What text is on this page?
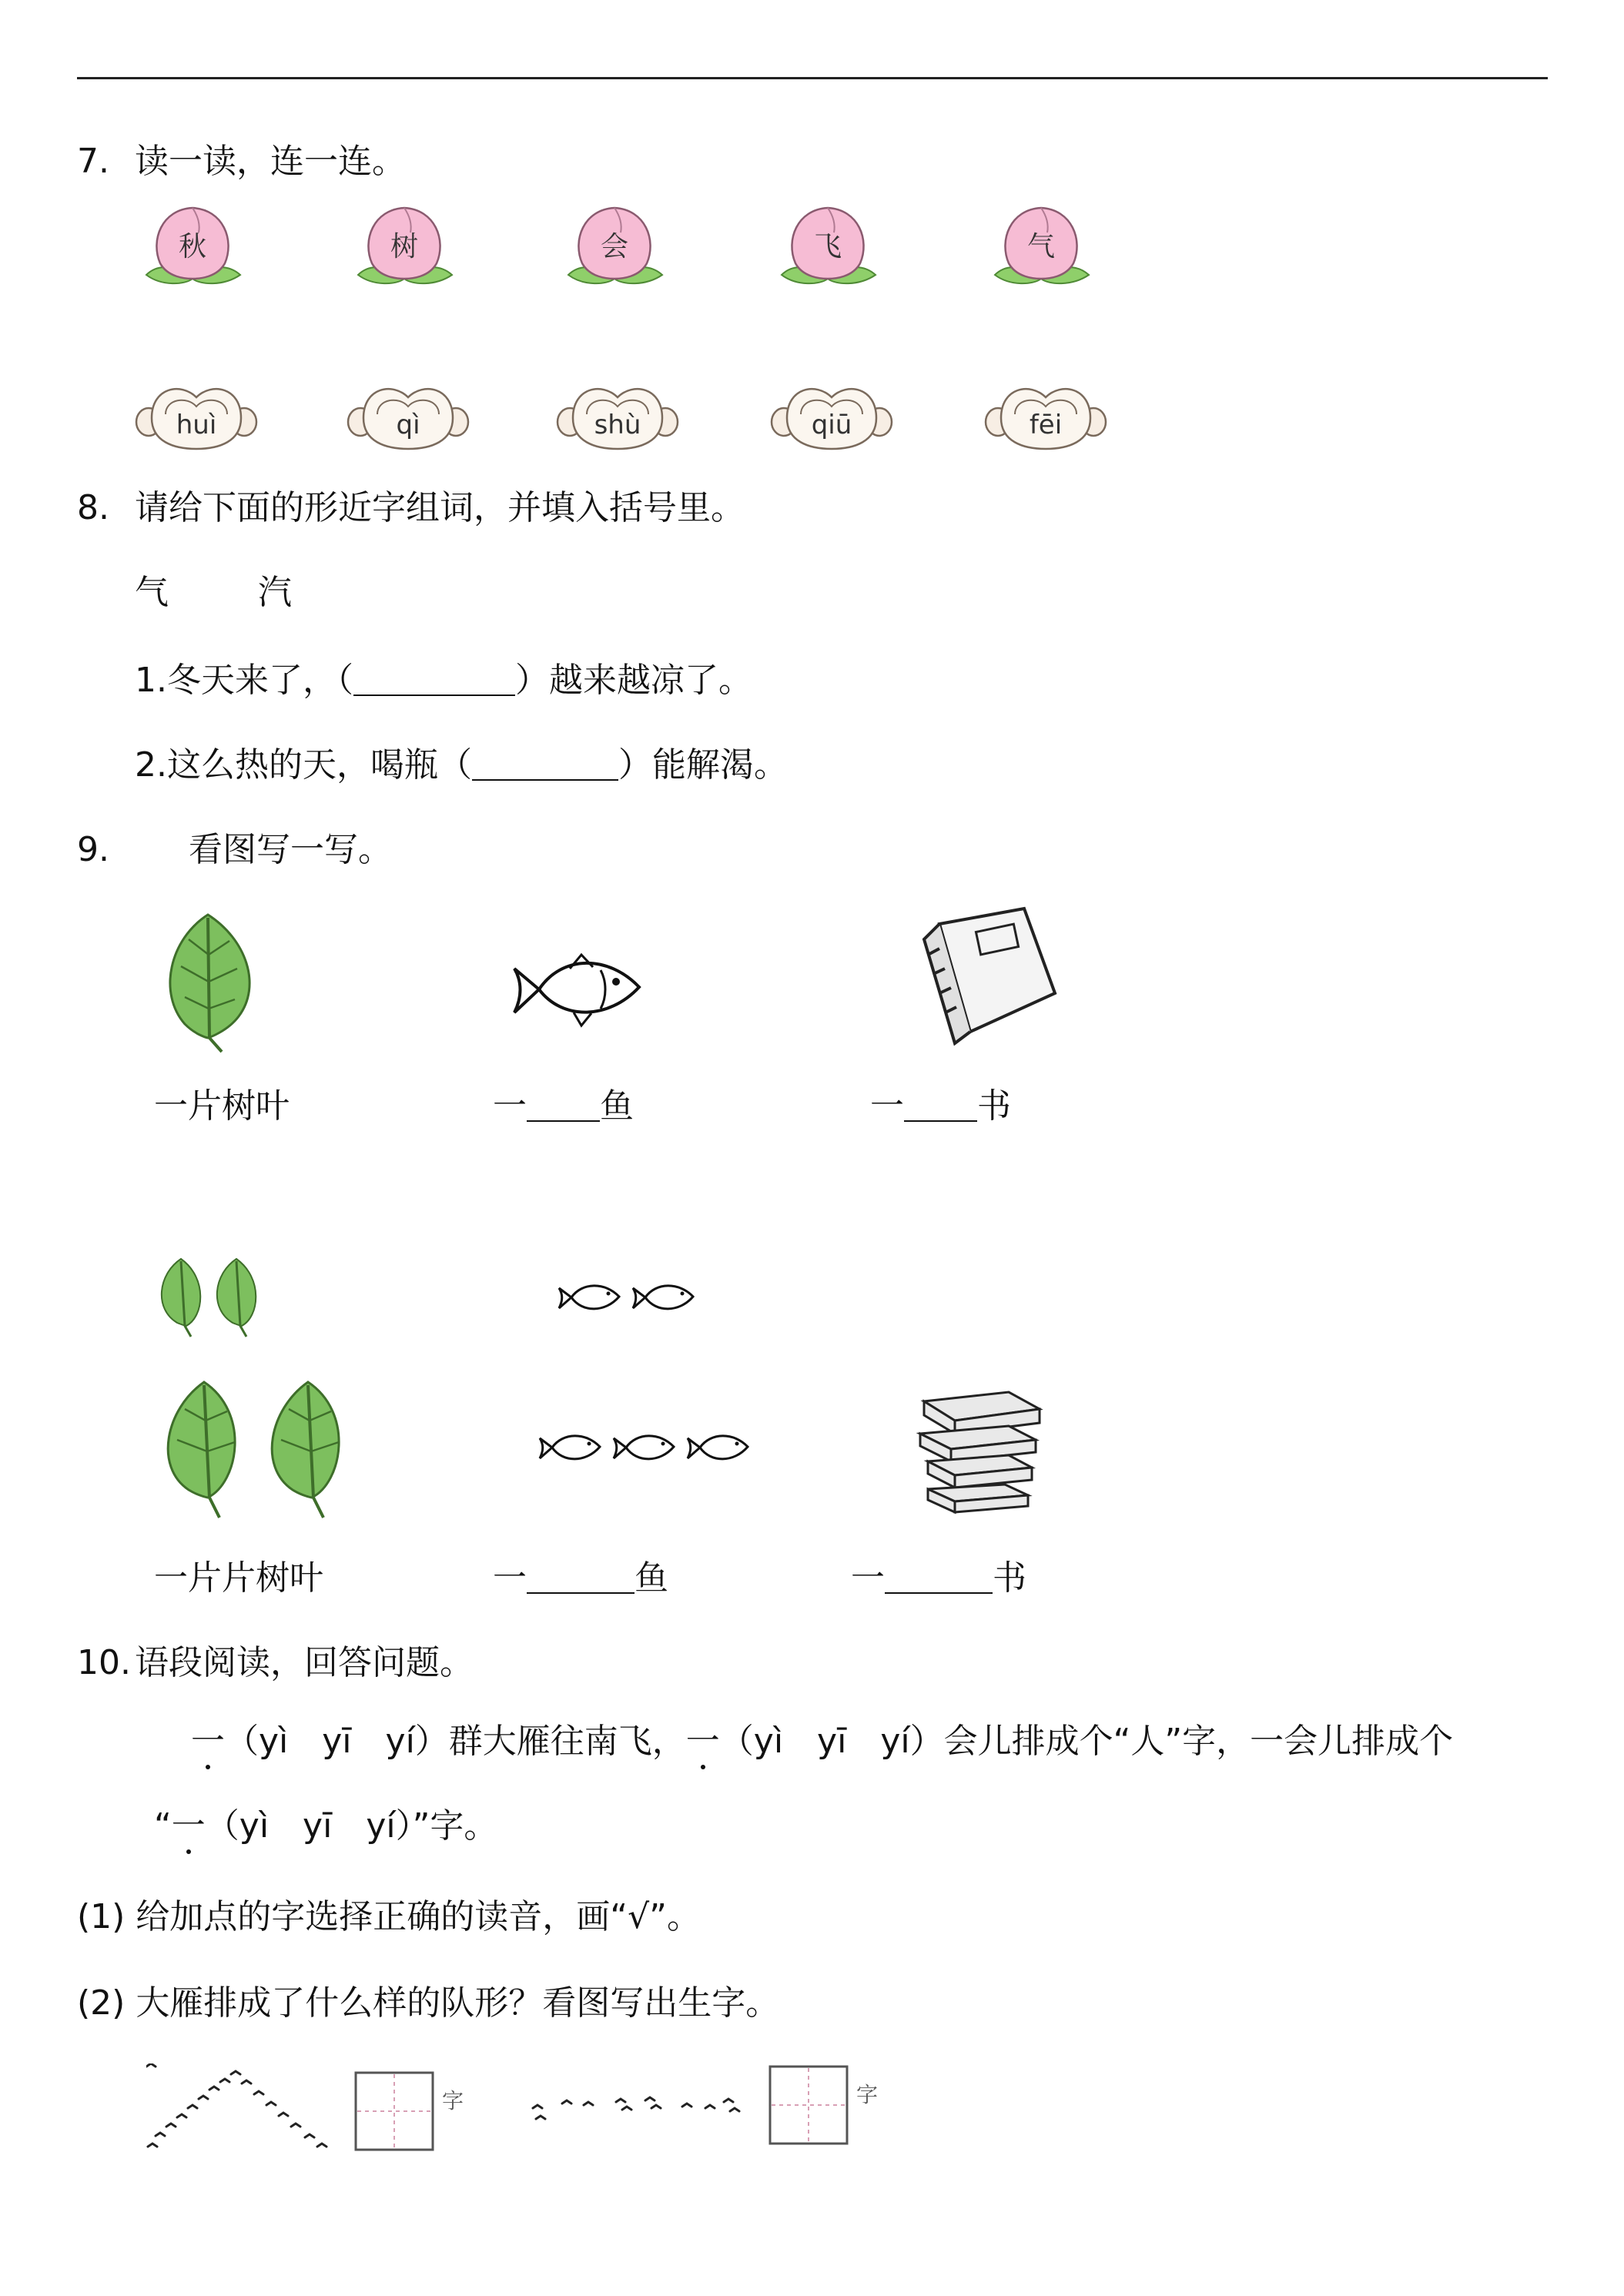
7. 读一读，连一连。
秋	树	会	飞	气
huì	qì	shù	qiū	fēi
8. 请给下面的形近字组词，并填入括号里。
气	汽
1.冬天来了，（	）越来越凉了。
2.这么热的天，喝瓶（	）能解渴。
9. 看图写一写。
一片树叶	一 鱼	一 书
一片片树叶	一	鱼	一	书
10. 语段阅读，回答问题。
一（yì　yī　yí）群大雁往南飞，一（yì　yī　yí）会儿排成个“人”字，一会儿排成个
“一（yì　yī　yí）”字。
(1) 给加点的字选择正确的读音，画“√”。
(2) 大雁排成了什么样的队形？看图写出生字。
字	字
